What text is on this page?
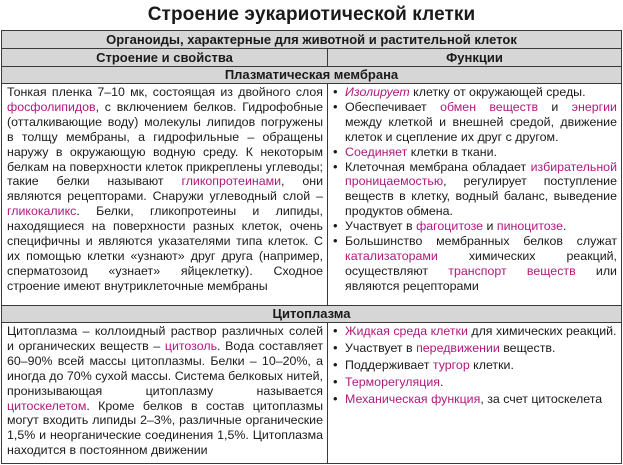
Строение эукариотической клетки
Органоиды, характерные для животной и растительной клеток
Строение и свойства	Функции
Плазматическая мембрана
Тонкая пленка 7–10 мк, состоящая из двойного слоя фосфолипидов, с включением белков. Гидрофобные (отталкивающие воду) молекулы липидов погружены в толщу мембраны, а гидрофильные – обращены наружу в окружающую водную среду. К некоторым белкам на поверхности клеток прикреплены углеводы; такие белки называют гликопротеинами, они являются рецепторами. Снаружи углеводный слой – гликокаликс. Белки, гликопротеины и липиды, находящиеся на поверхности разных клеток, очень специфичны и являются указателями типа клеток. С их помощью клетки «узнают» друг друга (например, сперматозоид «узнает» яйцеклетку). Сходное строение имеют внутриклеточные мембраны
• Изолирует клетку от окружающей среды.
• Обеспечивает обмен веществ и энергии между клеткой и внешней средой, движение клеток и сцепление их друг с другом.
• Соединяет клетки в ткани.
• Клеточная мембрана обладает избирательной проницаемостью, регулирует поступление веществ в клетку, водный баланс, выведение продуктов обмена.
• Участвует в фагоцитозе и пиноцитозе.
• Большинство мембранных белков служат катализаторами химических реакций, осуществляют транспорт веществ или являются рецепторами
Цитоплазма
Цитоплазма – коллоидный раствор различных солей и органических веществ – цитозоль. Вода составляет 60–90% всей массы цитоплазмы. Белки – 10–20%, а иногда до 70% сухой массы. Система белковых нитей, пронизывающая цитоплазму называется цитоскелетом. Кроме белков в состав цитоплазмы могут входить липиды 2–3%, различные органические 1,5% и неорганические соединения 1,5%. Цитоплазма находится в постоянном движении
• Жидкая среда клетки для химических реакций.
• Участвует в передвижении веществ.
• Поддерживает тургор клетки.
• Терморегуляция.
• Механическая функция, за счет цитоскелета
